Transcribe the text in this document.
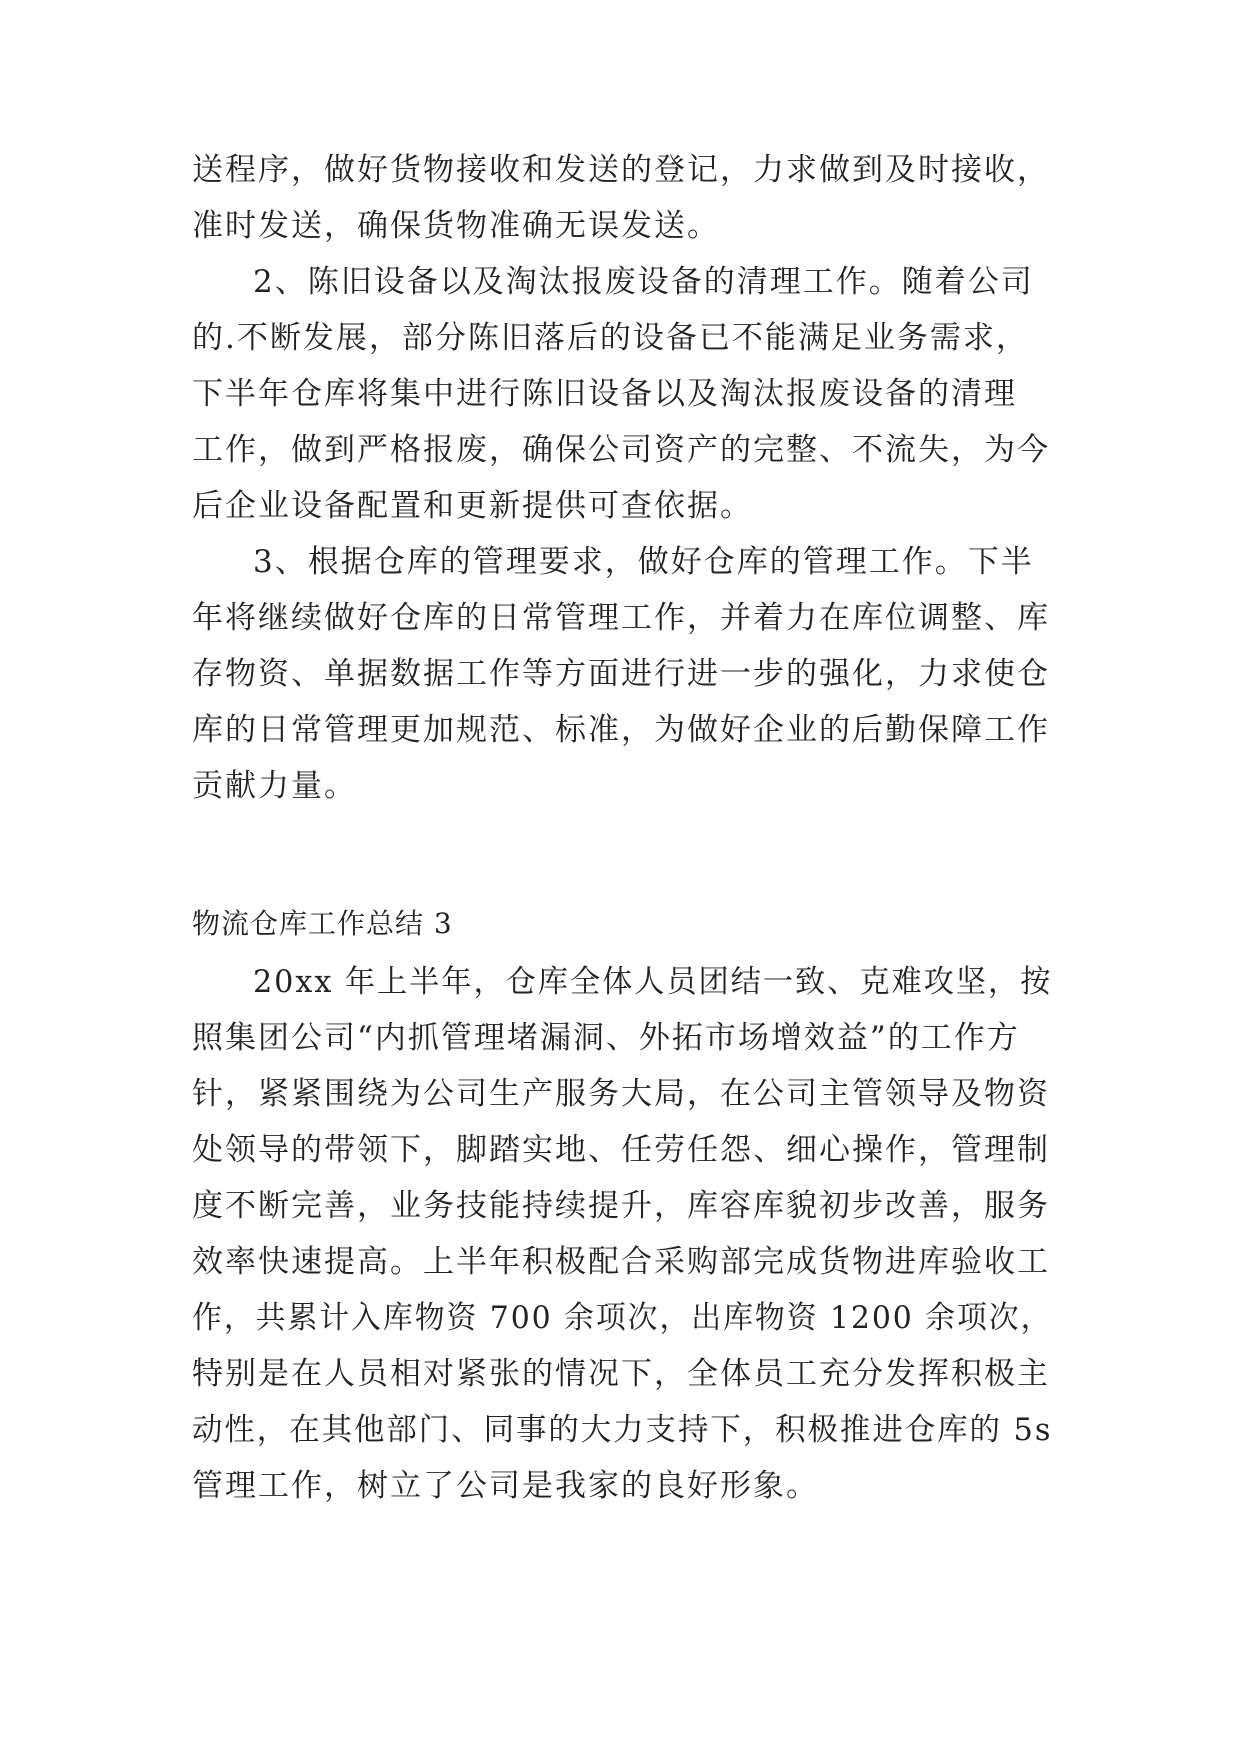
送程序，做好货物接收和发送的登记，力求做到及时接收，
准时发送，确保货物准确无误发送。
2、陈旧设备以及淘汰报废设备的清理工作。随着公司
的.不断发展，部分陈旧落后的设备已不能满足业务需求，
下半年仓库将集中进行陈旧设备以及淘汰报废设备的清理
工作，做到严格报废，确保公司资产的完整、不流失，为今
后企业设备配置和更新提供可查依据。
3、根据仓库的管理要求，做好仓库的管理工作。下半
年将继续做好仓库的日常管理工作，并着力在库位调整、库
存物资、单据数据工作等方面进行进一步的强化，力求使仓
库的日常管理更加规范、标准，为做好企业的后勤保障工作
贡献力量。
物流仓库工作总结 3
20xx 年上半年，仓库全体人员团结一致、克难攻坚，按
照集团公司“内抓管理堵漏洞、外拓市场增效益”的工作方
针，紧紧围绕为公司生产服务大局，在公司主管领导及物资
处领导的带领下，脚踏实地、任劳任怨、细心操作，管理制
度不断完善，业务技能持续提升，库容库貌初步改善，服务
效率快速提高。上半年积极配合采购部完成货物进库验收工
作，共累计入库物资 700 余项次，出库物资 1200 余项次，
特别是在人员相对紧张的情况下，全体员工充分发挥积极主
动性，在其他部门、同事的大力支持下，积极推进仓库的 5s
管理工作，树立了公司是我家的良好形象。
